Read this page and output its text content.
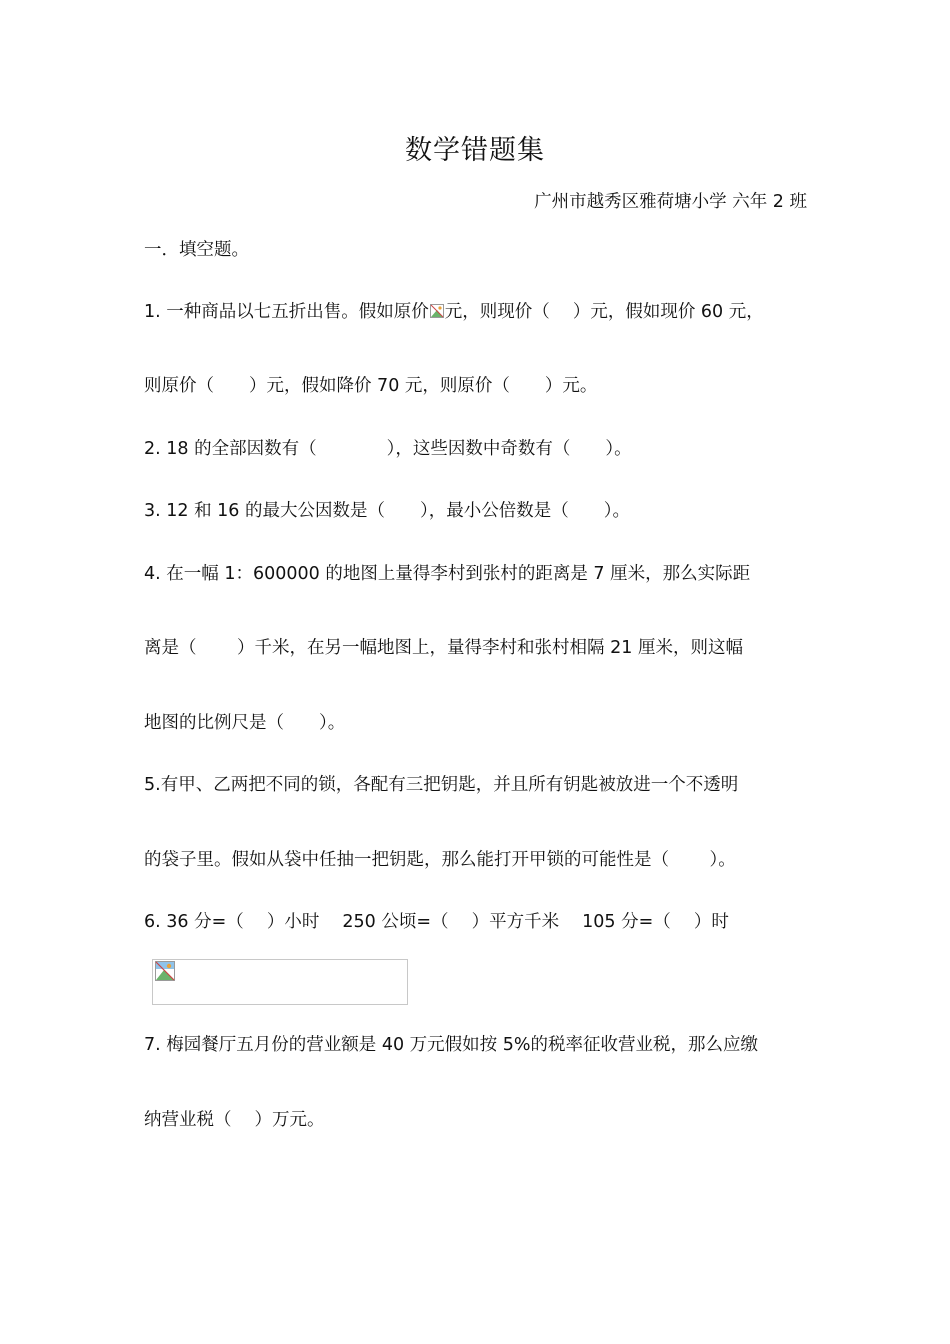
数学错题集
广州市越秀区雅荷塘小学 六年 2 班
一．填空题。
1. 一种商品以七五折出售。假如原价 元，则现价（　 ）元，假如现价 60 元，
则原价（　　）元，假如降价 70 元，则原价（　　）元。
2. 18 的全部因数有（　　　　），这些因数中奇数有（　　）。
3. 12 和 16 的最大公因数是（　　），最小公倍数是（　　）。
4. 在一幅 1：600000 的地图上量得李村到张村的距离是 7 厘米，那么实际距
离是（　　 ）千米，在另一幅地图上，量得李村和张村相隔 21 厘米，则这幅
地图的比例尺是（　　）。
5.有甲、乙两把不同的锁，各配有三把钥匙，并且所有钥匙被放进一个不透明
的袋子里。假如从袋中任抽一把钥匙，那么能打开甲锁的可能性是（　　 ）。
6. 36 分=（　 ）小时　 250 公顷=（　 ）平方千米　 105 分=（　 ）时
7. 梅园餐厅五月份的营业额是 40 万元假如按 5%的税率征收营业税，那么应缴
纳营业税（　 ）万元。
